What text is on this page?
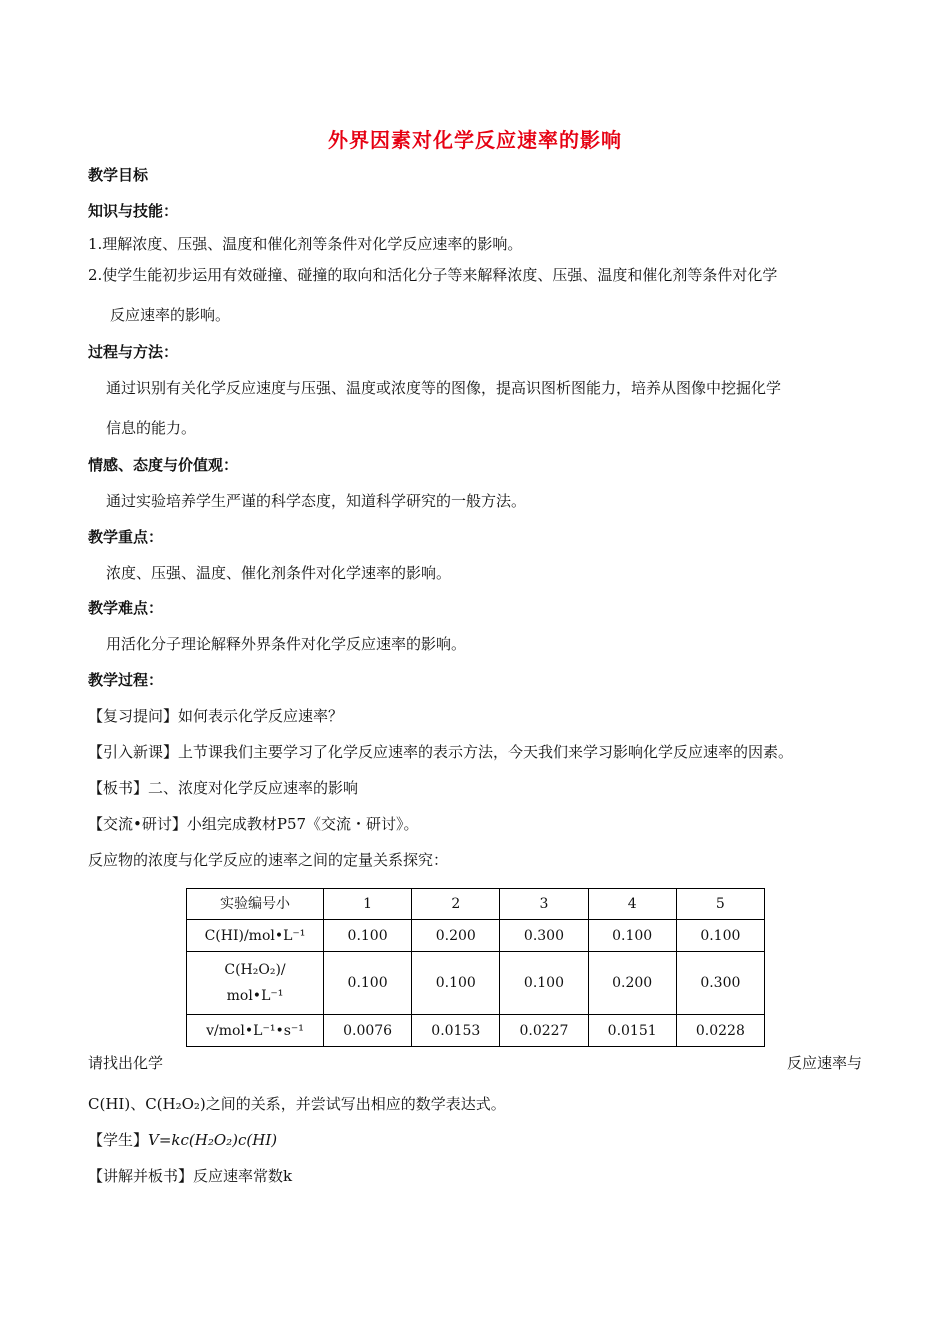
外界因素对化学反应速率的影响
教学目标
知识与技能：
1.理解浓度、压强、温度和催化剂等条件对化学反应速率的影响。
2.使学生能初步运用有效碰撞、碰撞的取向和活化分子等来解释浓度、压强、温度和催化剂等条件对化学
反应速率的影响。
过程与方法：
通过识别有关化学反应速度与压强、温度或浓度等的图像，提高识图析图能力，培养从图像中挖掘化学
信息的能力。
情感、态度与价值观：
通过实验培养学生严谨的科学态度，知道科学研究的一般方法。
教学重点：
浓度、压强、温度、催化剂条件对化学速率的影响。
教学难点：
用活化分子理论解释外界条件对化学反应速率的影响。
教学过程：
【复习提问】如何表示化学反应速率？
【引入新课】上节课我们主要学习了化学反应速率的表示方法，今天我们来学习影响化学反应速率的因素。
【板书】二、浓度对化学反应速率的影响
【交流•研讨】小组完成教材P57《交流・研讨》。
反应物的浓度与化学反应的速率之间的定量关系探究：
实验编号小	1	2	3	4	5
C(HI)/mol•L⁻¹	0.100	0.200	0.300	0.100	0.100

C(H₂O₂)/
mol•L⁻¹	0.100	0.100	0.100	0.200	0.300
v/mol•L⁻¹•s⁻¹	0.0076	0.0153	0.0227	0.0151	0.0228
请找出化学	反应速率与
C(HI)、C(H₂O₂)之间的关系，并尝试写出相应的数学表达式。
【学生】V=kc(H₂O₂)c(HI)
【讲解并板书】反应速率常数k
